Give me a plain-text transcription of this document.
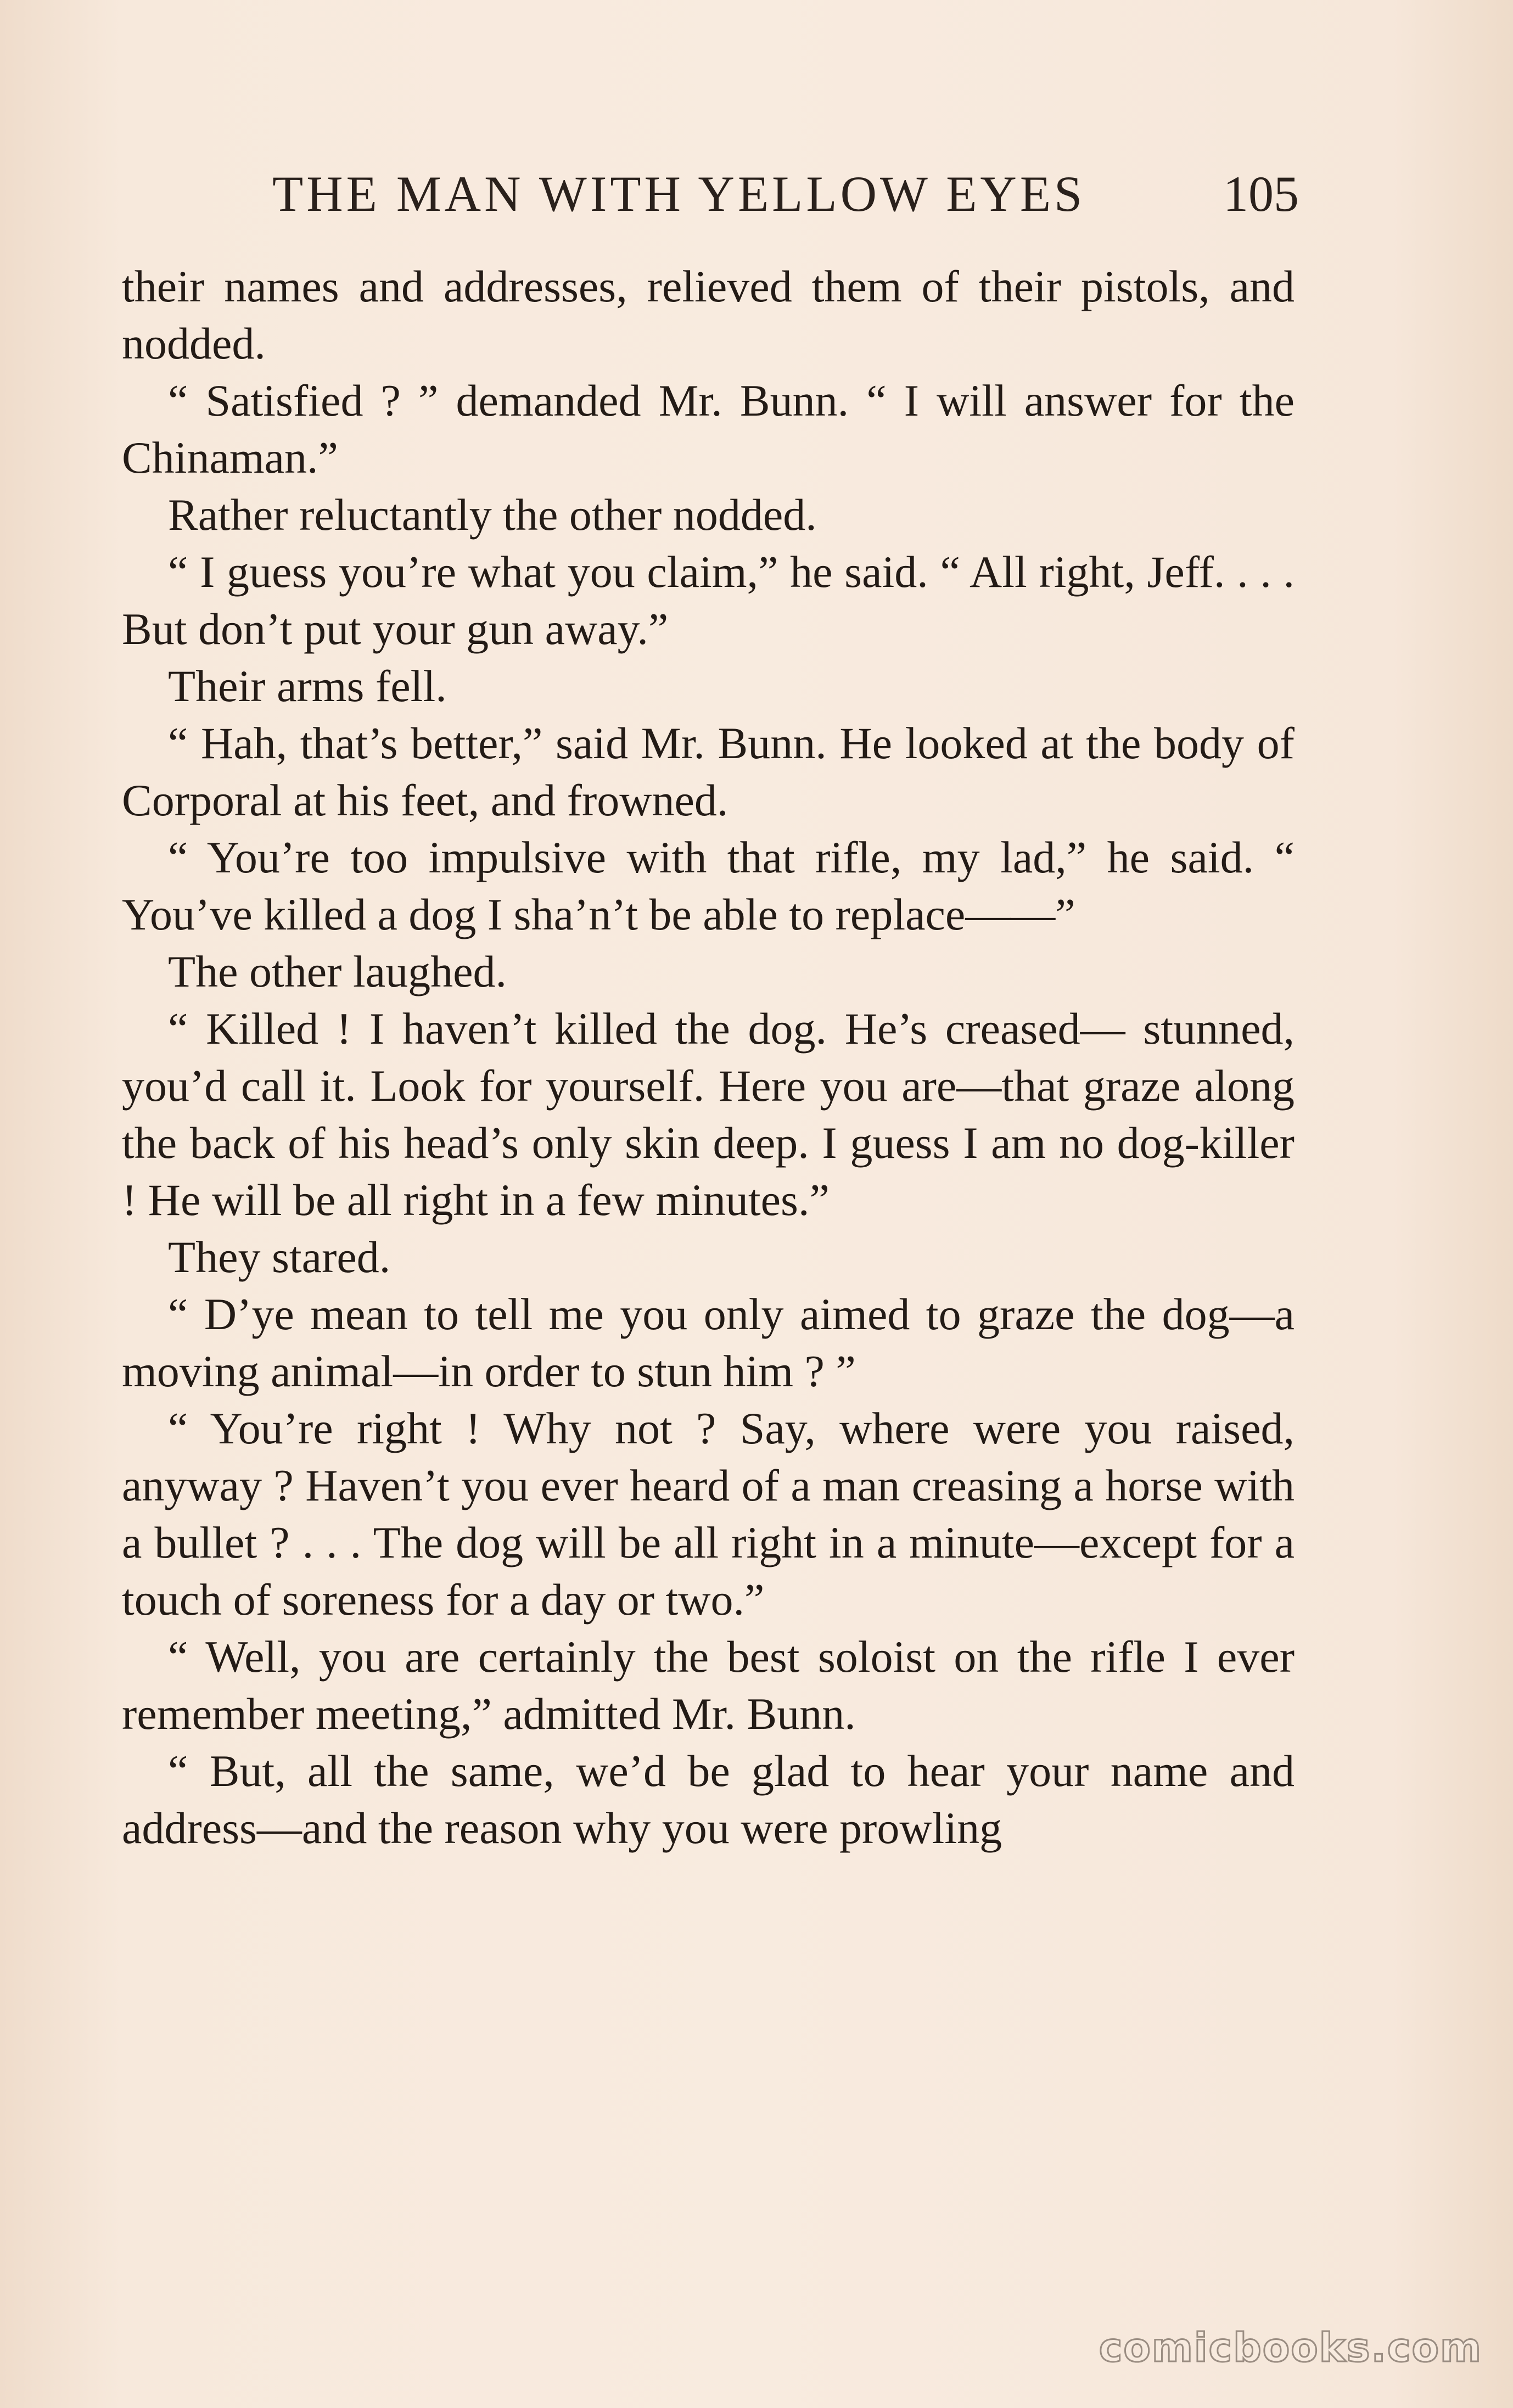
THE MAN WITH YELLOW EYES	105

their names and addresses, relieved them of their pistols, and nodded.

“ Satisfied ? ” demanded Mr. Bunn. “ I will answer for the Chinaman.”

Rather reluctantly the other nodded.

“ I guess you’re what you claim,” he said. “ All right, Jeff. . . . But don’t put your gun away.”

Their arms fell.

“ Hah, that’s better,” said Mr. Bunn. He looked at the body of Corporal at his feet, and frowned.

“ You’re too impulsive with that rifle, my lad,” he said. “ You’ve killed a dog I sha’n’t be able to replace——”

The other laughed.

“ Killed ! I haven’t killed the dog. He’s creased— stunned, you’d call it. Look for yourself. Here you are—that graze along the back of his head’s only skin deep. I guess I am no dog-killer ! He will be all right in a few minutes.”

They stared.

“ D’ye mean to tell me you only aimed to graze the dog—a moving animal—in order to stun him ? ”

“ You’re right ! Why not ? Say, where were you raised, anyway ? Haven’t you ever heard of a man creasing a horse with a bullet ? . . . The dog will be all right in a minute—except for a touch of soreness for a day or two.”

“ Well, you are certainly the best soloist on the rifle I ever remember meeting,” admitted Mr. Bunn.

“ But, all the same, we’d be glad to hear your name and address—and the reason why you were prowling

comicbooks.com
